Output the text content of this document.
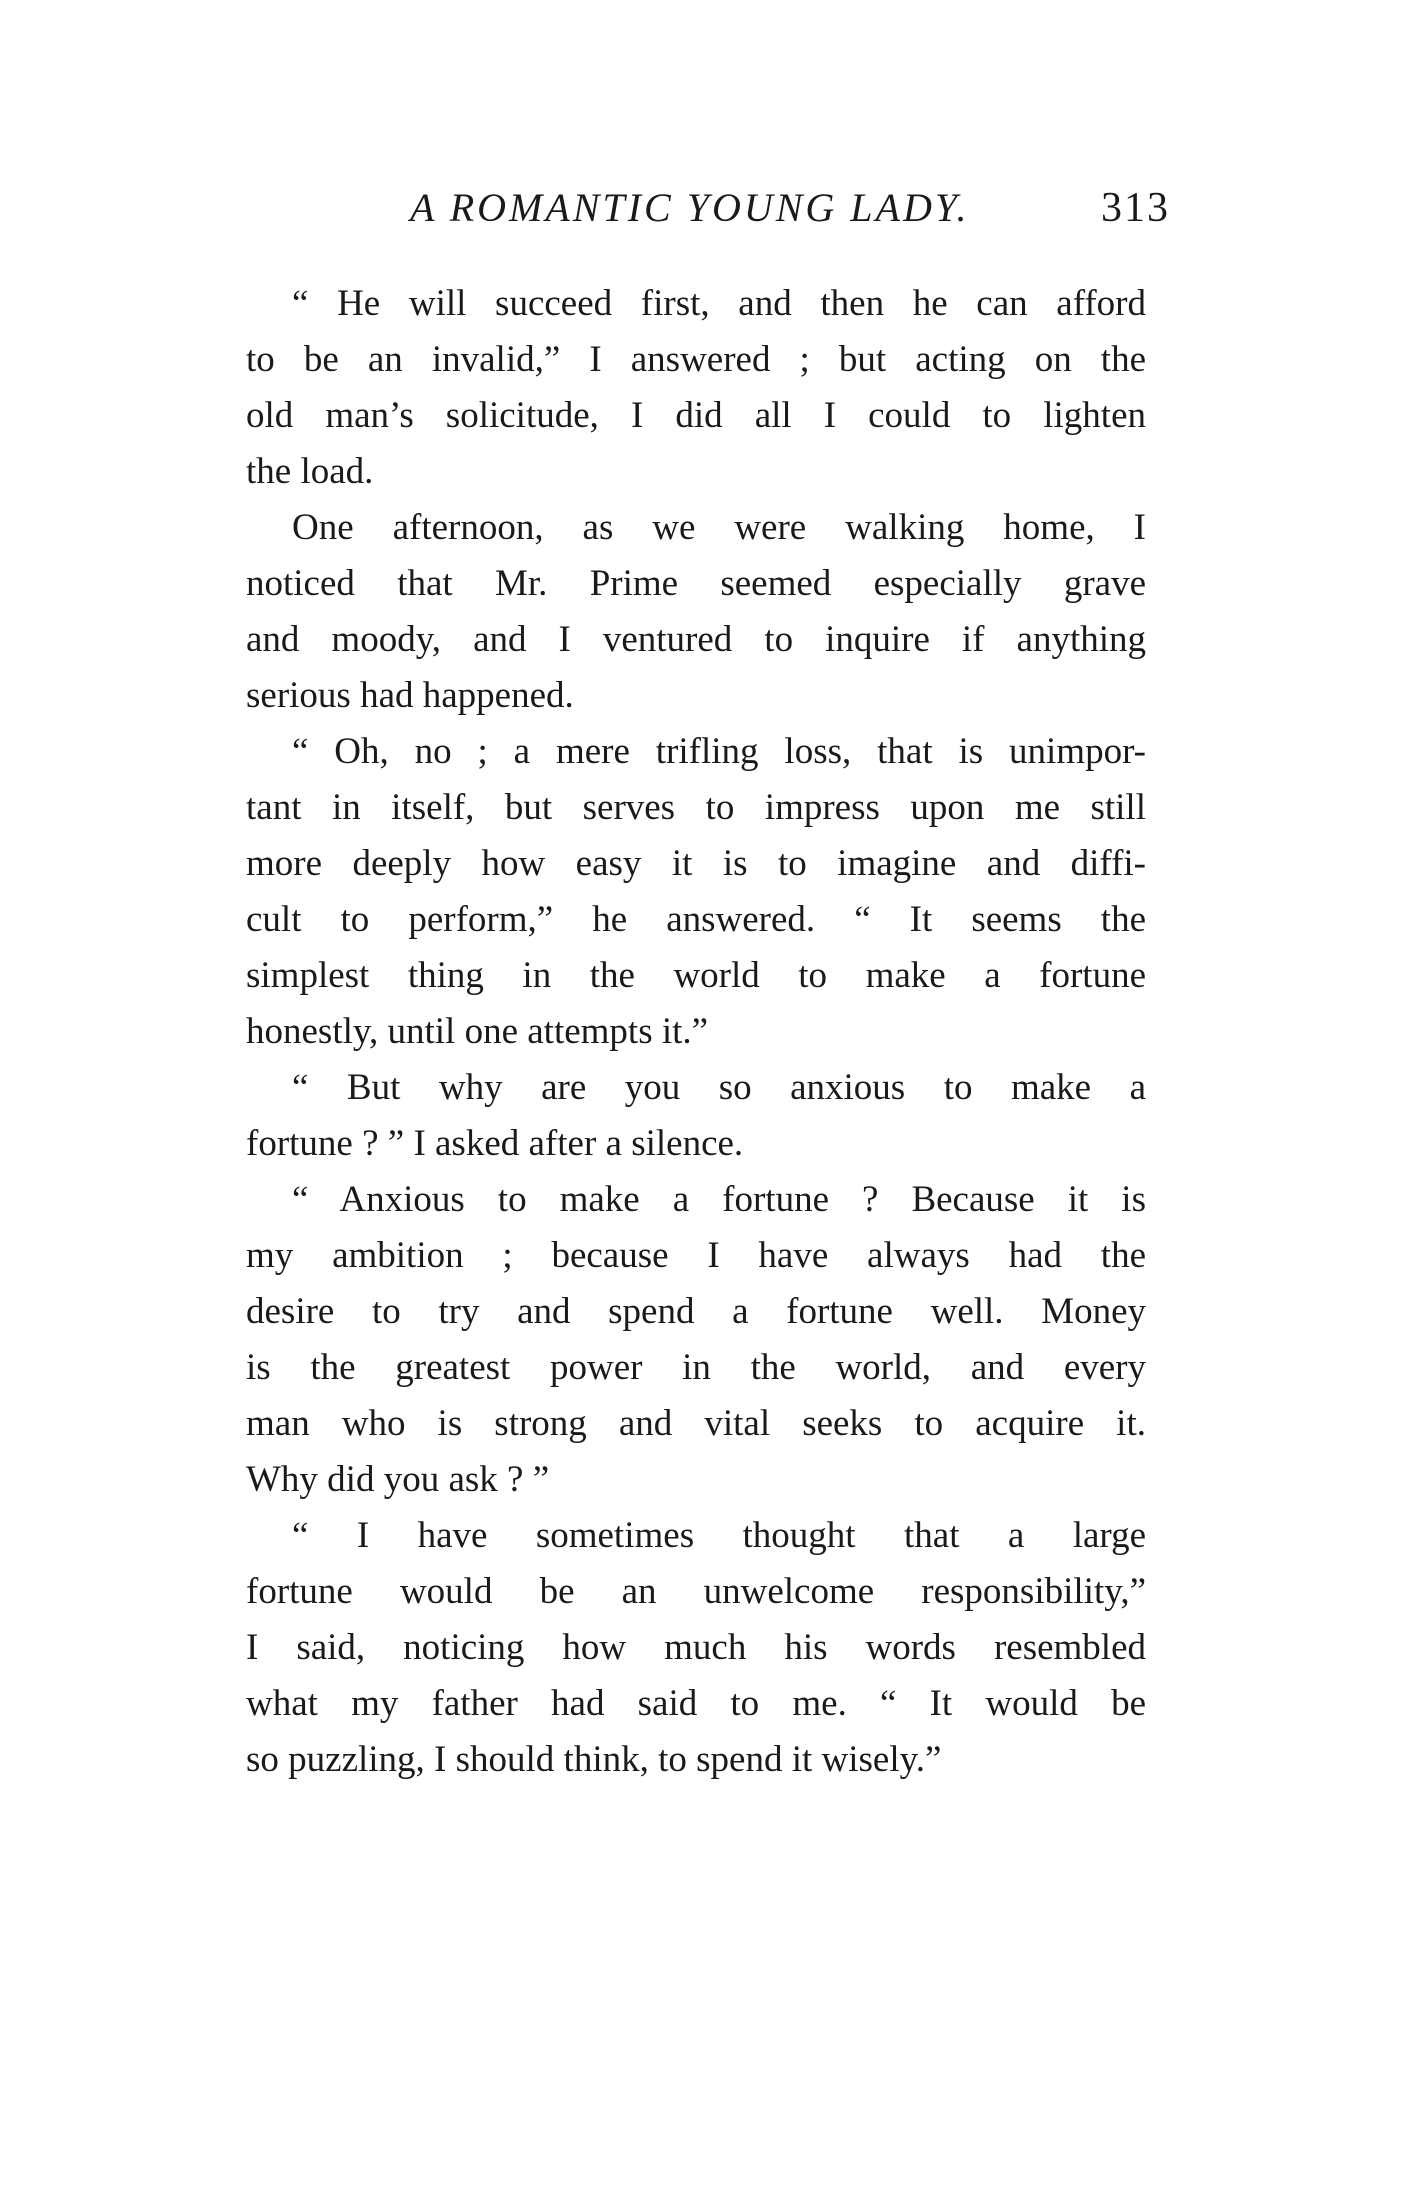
A ROMANTIC YOUNG LADY.	313
“ He will succeed first, and then he can afford
to be an invalid,” I answered ; but acting on the
old man’s solicitude, I did all I could to lighten
the load.
One afternoon, as we were walking home, I
noticed that Mr. Prime seemed especially grave
and moody, and I ventured to inquire if anything
serious had happened.
“ Oh, no ; a mere trifling loss, that is unimpor-
tant in itself, but serves to impress upon me still
more deeply how easy it is to imagine and diffi-
cult to perform,” he answered. “ It seems the
simplest thing in the world to make a fortune
honestly, until one attempts it.”
“ But why are you so anxious to make a
fortune ? ” I asked after a silence.
“ Anxious to make a fortune ? Because it is
my ambition ; because I have always had the
desire to try and spend a fortune well. Money
is the greatest power in the world, and every
man who is strong and vital seeks to acquire it.
Why did you ask ? ”
“ I have sometimes thought that a large
fortune would be an unwelcome responsibility,”
I said, noticing how much his words resembled
what my father had said to me. “ It would be
so puzzling, I should think, to spend it wisely.”
